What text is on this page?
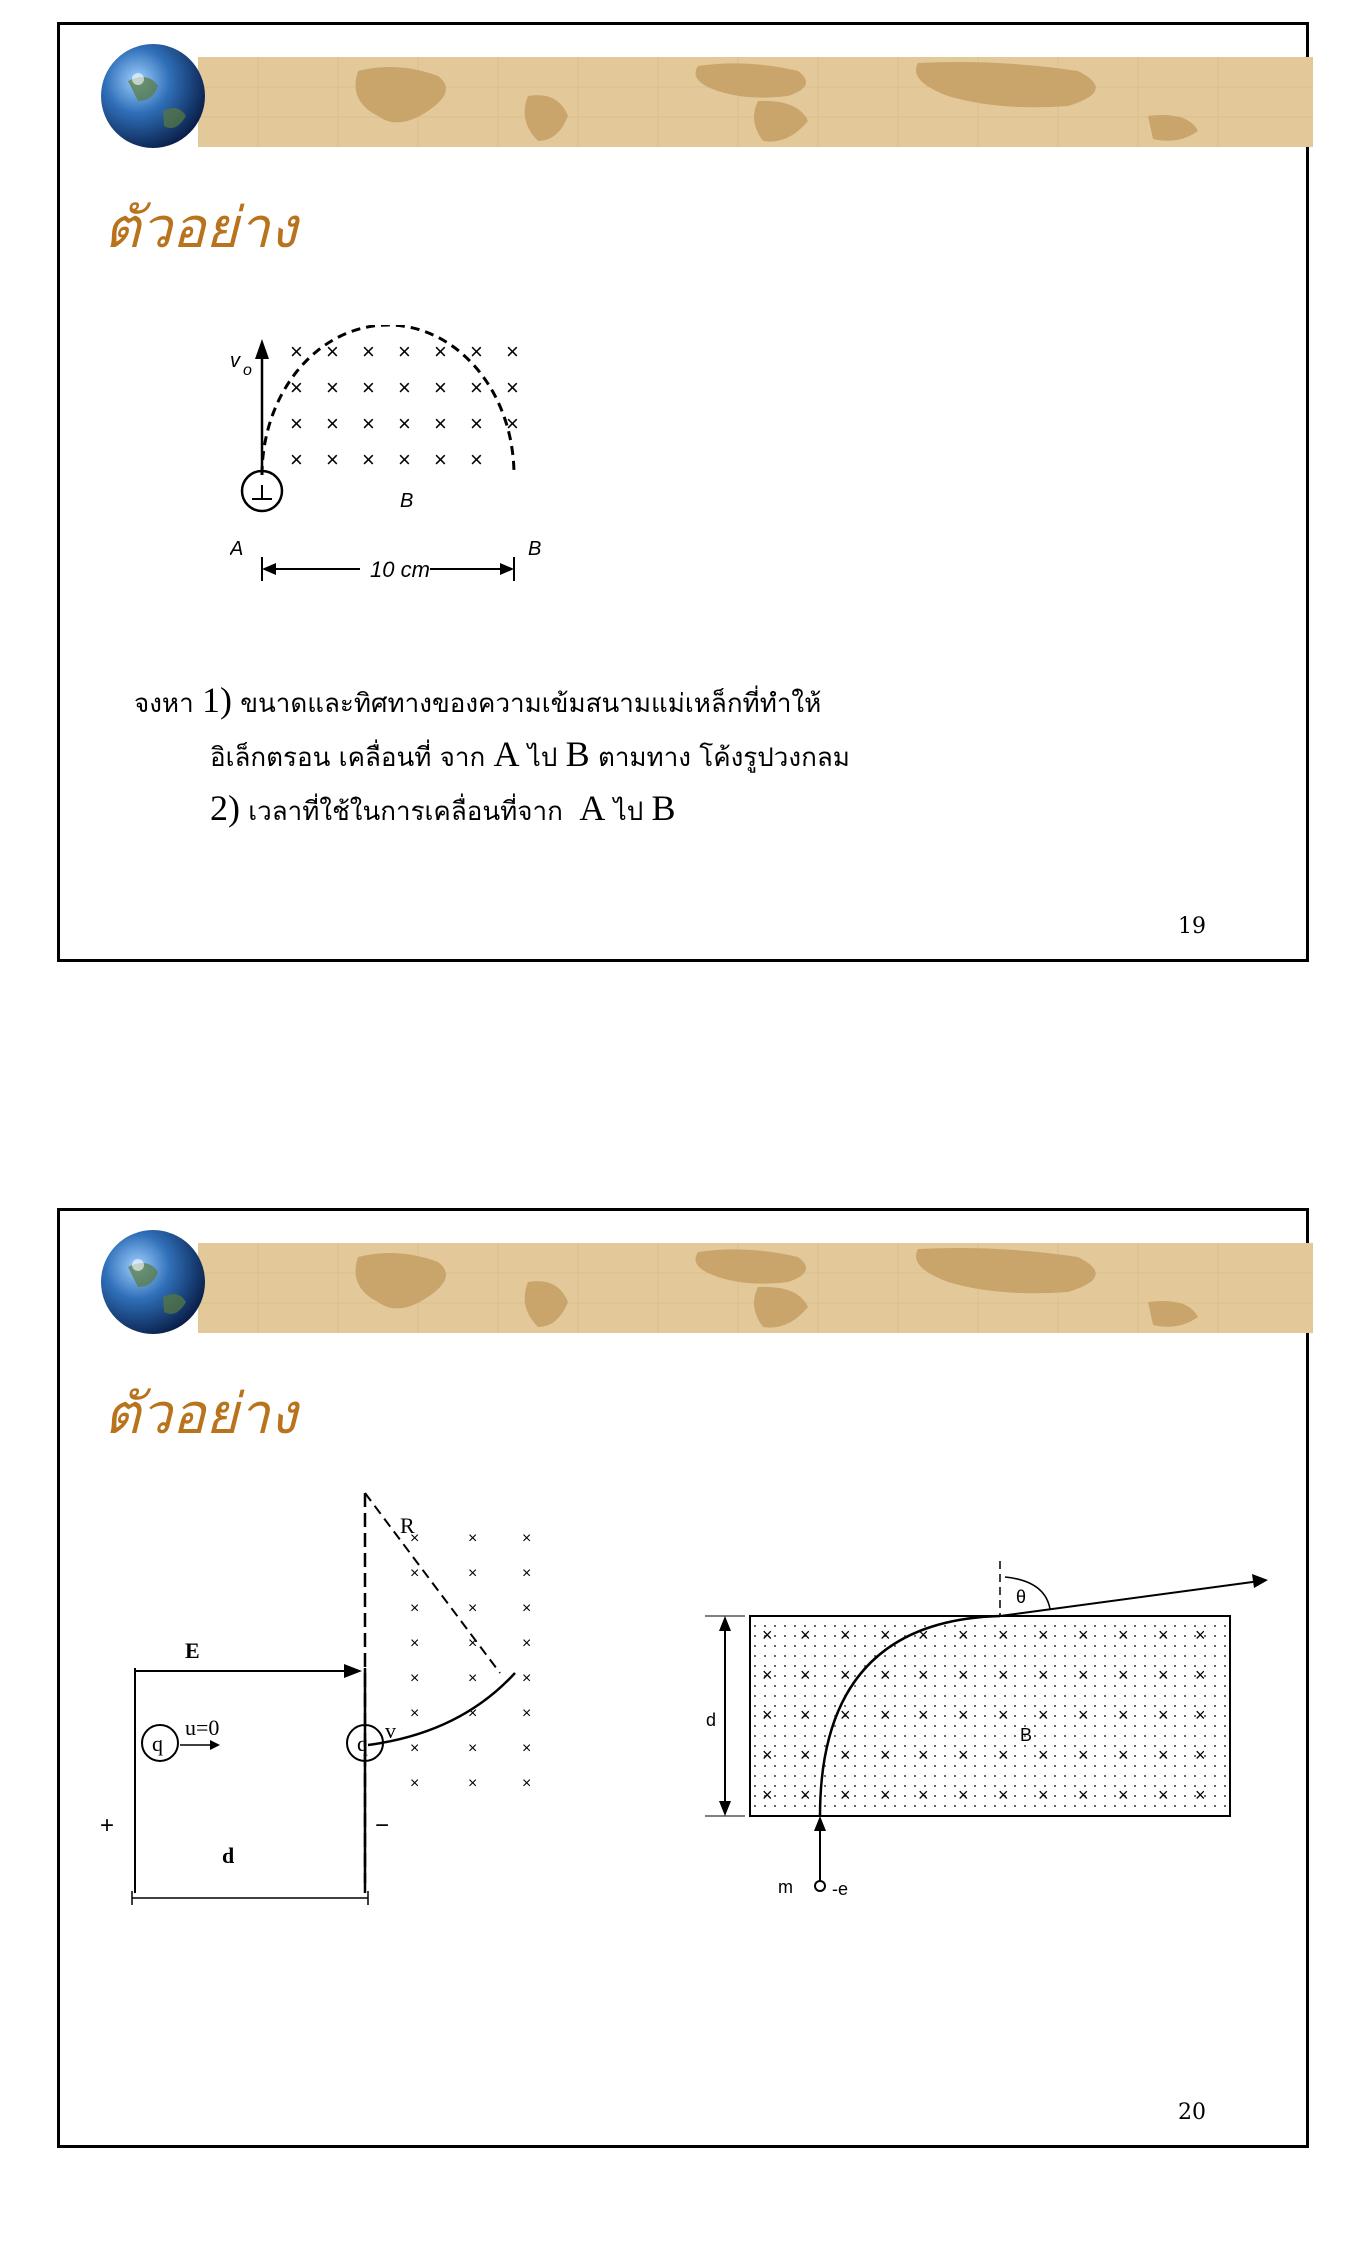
ตัวอย่าง
× × × × × × ×
× × × × × × ×
× × × × × × ×
× × × × × ×
v o
A	B
B
10 cm
จงหา 1) ขนาดและทิศทางของความเข้มสนามแม่เหล็กที่ทำให้
อิเล็กตรอน เคลื่อนที่ จาก A ไป B ตามทาง โค้งรูปวงกลม
2) เวลาที่ใช้ในการเคลื่อนที่จาก A ไป B
19
ตัวอย่าง
×	×	×
×	×	×
×	×	×
×	×	×
×	×	×
×	×	×
×	×	×
×	×	×
R
E
q
u=0
q
v
+	−
d
× × × × × × × × × × × ×
× × × × × × × × × × × ×
× × × × × × × × × × × ×
× × × × × × × × × × × ×
× × × × × × × × × × × ×
θ
d
B
m -e
20
